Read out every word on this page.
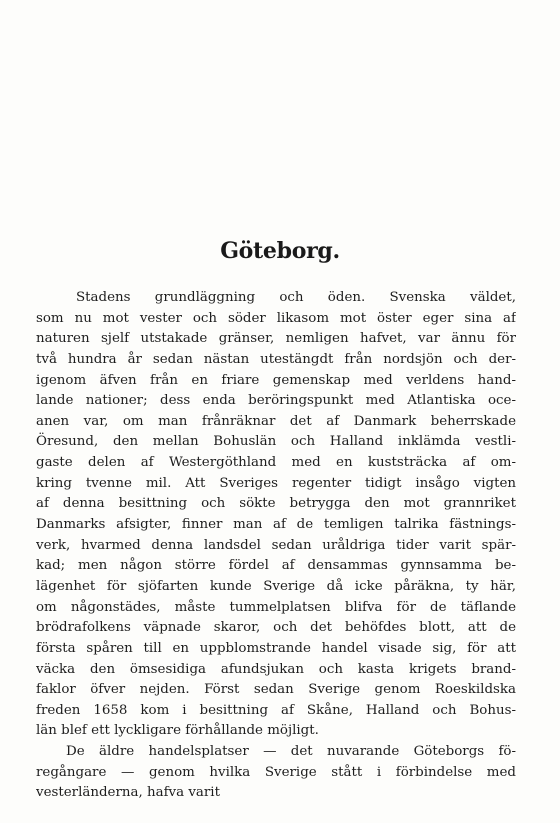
Göteborg.
Stadens grundläggning och öden. Svenska väldet,
som nu mot vester och söder likasom mot öster eger sina af
naturen sjelf utstakade gränser, nemligen hafvet, var ännu för
två hundra år sedan nästan utestängdt från nordsjön och der-
igenom äfven från en friare gemenskap med verldens hand-
lande nationer; dess enda beröringspunkt med Atlantiska oce-
anen var, om man frånräknar det af Danmark beherrskade
Öresund, den mellan Bohuslän och Halland inklämda vestli-
gaste delen af Westergöthland med en kuststräcka af om-
kring tvenne mil. Att Sveriges regenter tidigt insågo vigten
af denna besittning och sökte betrygga den mot grannriket
Danmarks afsigter, finner man af de temligen talrika fästnings-
verk, hvarmed denna landsdel sedan uråldriga tider varit spär-
kad; men någon större fördel af densammas gynnsamma be-
lägenhet för sjöfarten kunde Sverige då icke påräkna, ty här,
om någonstädes, måste tummelplatsen blifva för de täflande
brödrafolkens väpnade skaror, och det behöfdes blott, att de
första spåren till en uppblomstrande handel visade sig, för att
väcka den ömsesidiga afundsjukan och kasta krigets brand-
faklor öfver nejden. Först sedan Sverige genom Roeskildska
freden 1658 kom i besittning af Skåne, Halland och Bohus-
län blef ett lyckligare förhållande möjligt.
De äldre handelsplatser — det nuvarande Göteborgs fö-
regångare — genom hvilka Sverige stått i förbindelse med
vesterländerna, hafva varit
